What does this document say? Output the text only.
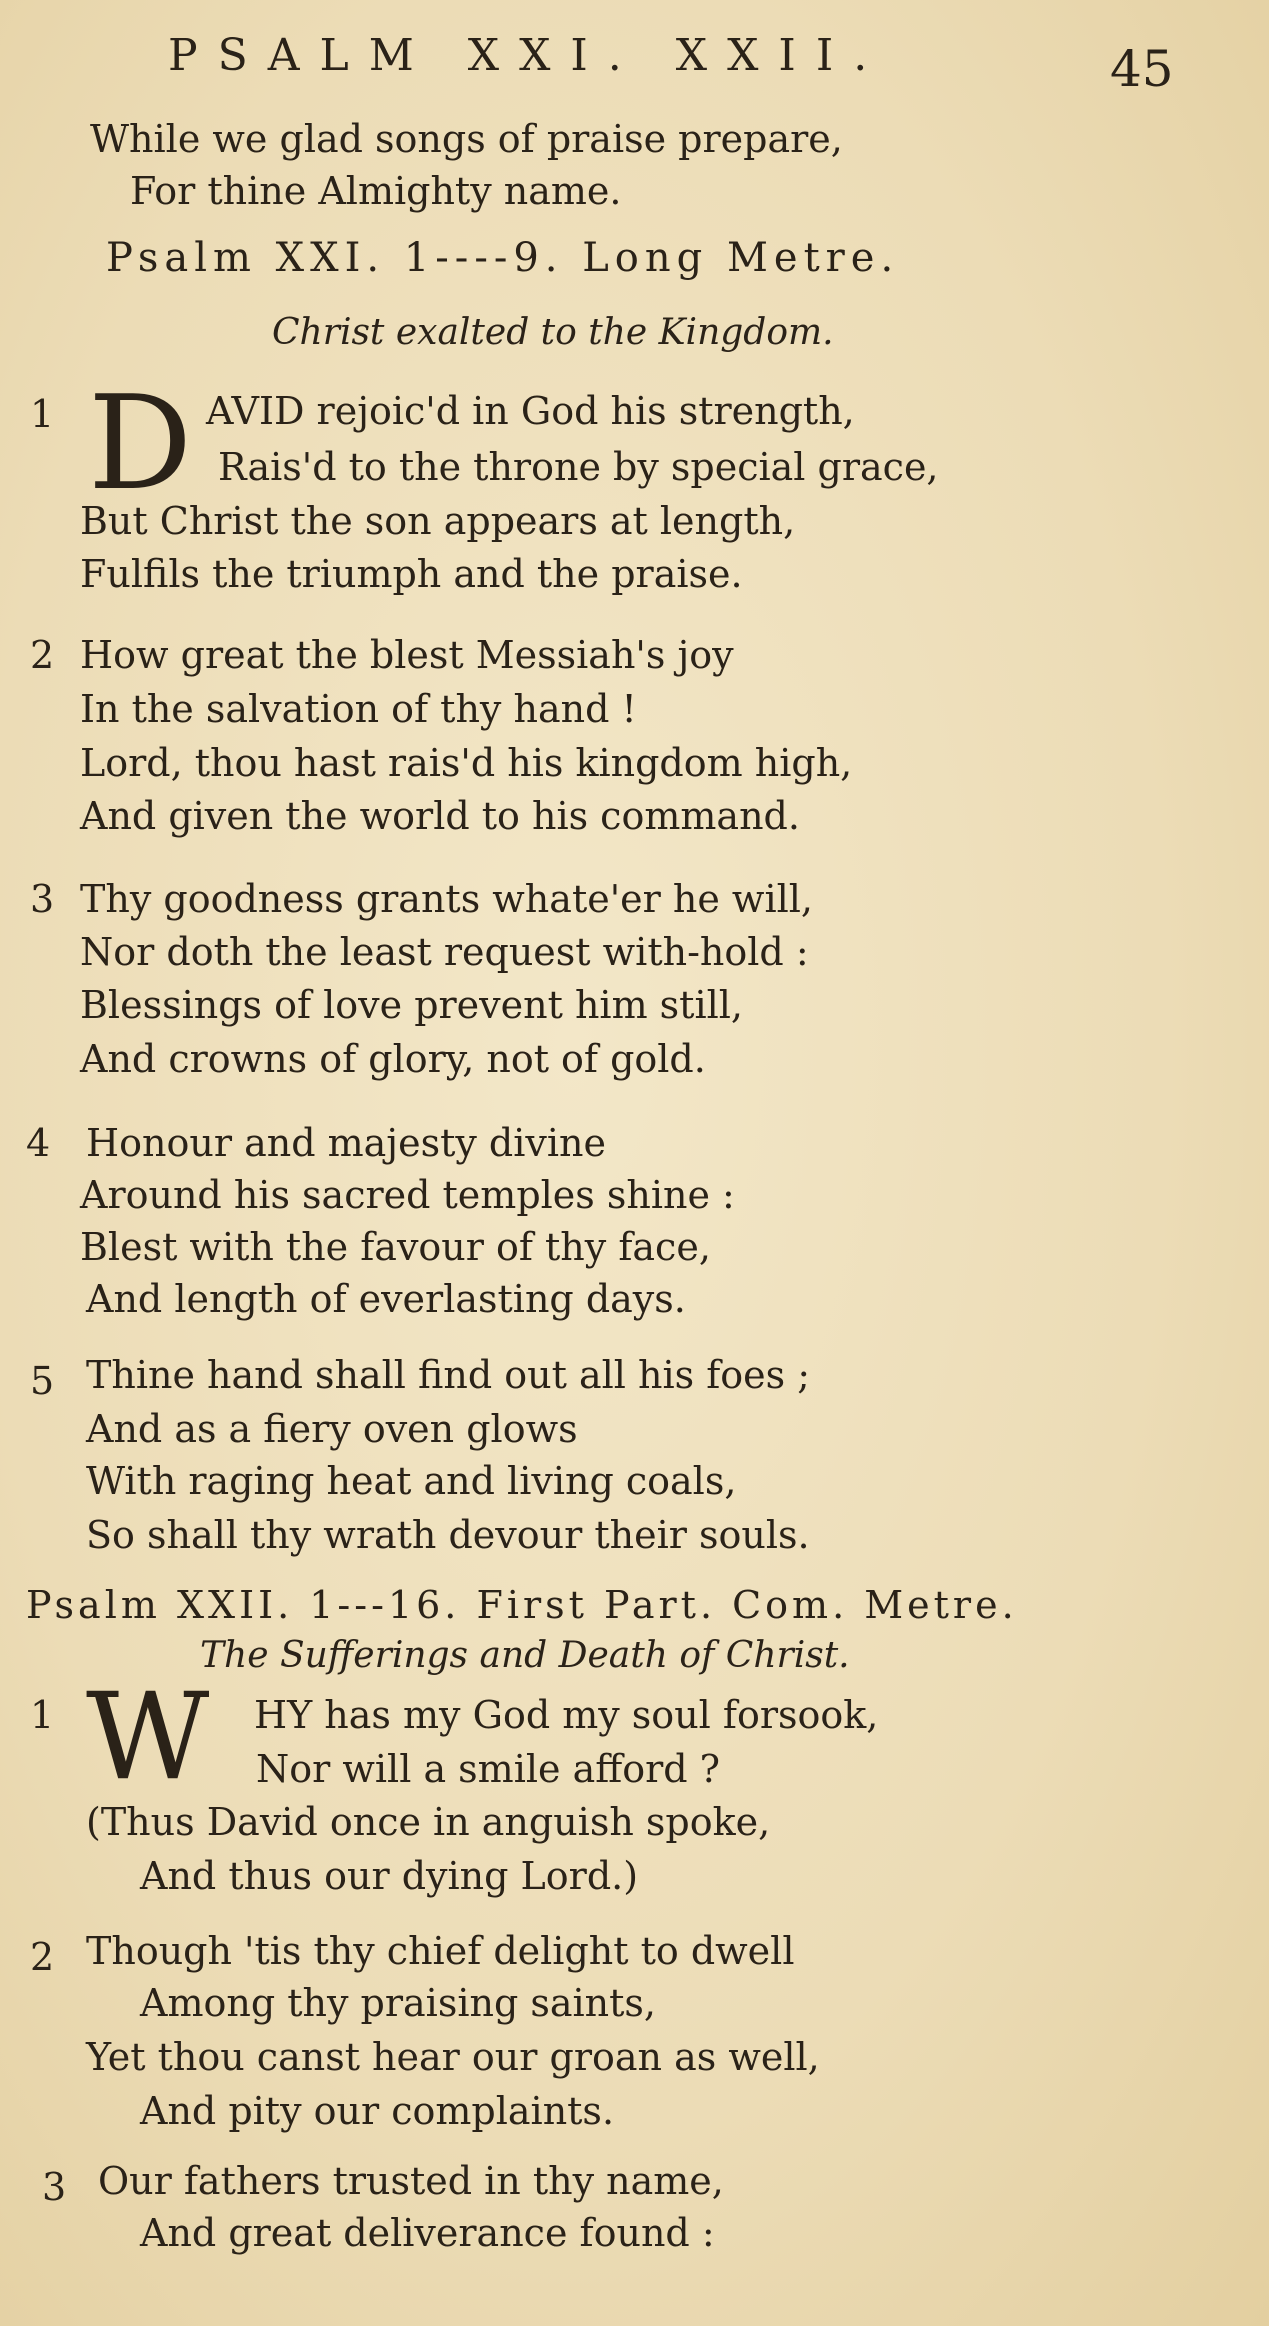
PSALM XXI. XXII.	45
While we glad songs of praise prepare,
For thine Almighty name.
Psalm XXI. 1----9. Long Metre.
Christ exalted to the Kingdom.
1 D AVID rejoic'd in God his strength,
Rais'd to the throne by special grace,
But Christ the son appears at length,
Fulfils the triumph and the praise.
2 How great the blest Messiah's joy
In the salvation of thy hand !
Lord, thou hast rais'd his kingdom high,
And given the world to his command.
3 Thy goodness grants whate'er he will,
Nor doth the least request with-hold :
Blessings of love prevent him still,
And crowns of glory, not of gold.
4 Honour and majesty divine
Around his sacred temples shine :
Blest with the favour of thy face,
And length of everlasting days.
5 Thine hand shall find out all his foes ;
And as a fiery oven glows
With raging heat and living coals,
So shall thy wrath devour their souls.
Psalm XXII. 1---16. First Part. Com. Metre.
The Sufferings and Death of Christ.
1 W HY has my God my soul forsook,
Nor will a smile afford ?
(Thus David once in anguish spoke,
And thus our dying Lord.)
2 Though 'tis thy chief delight to dwell
Among thy praising saints,
Yet thou canst hear our groan as well,
And pity our complaints.
3 Our fathers trusted in thy name,
And great deliverance found :
